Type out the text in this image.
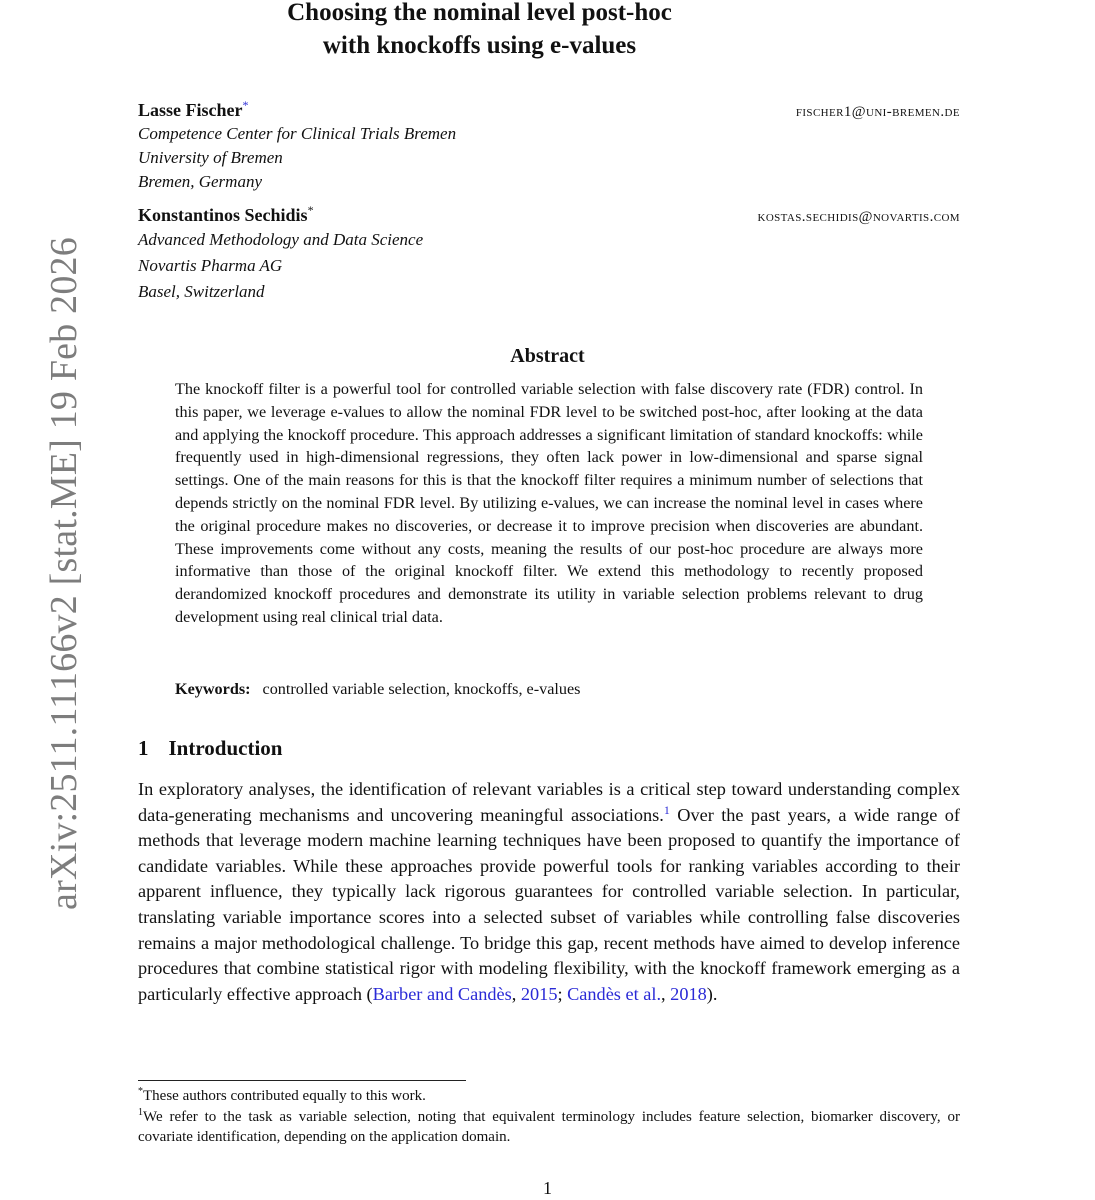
arXiv:2511.11166v2 [stat.ME] 19 Feb 2026
Choosing the nominal level post-hoc
with knockoffs using e-values
Lasse Fischer*	fischer1@uni-bremen.de
Competence Center for Clinical Trials Bremen
University of Bremen
Bremen, Germany
Konstantinos Sechidis*	kostas.sechidis@novartis.com
Advanced Methodology and Data Science
Novartis Pharma AG
Basel, Switzerland
Abstract

The knockoff filter is a powerful tool for controlled variable selection with false discovery rate (FDR) control. In this paper, we leverage e-values to allow the nominal FDR level to be switched post-hoc, after looking at the data and applying the knockoff procedure. This approach addresses a significant limitation of standard knockoffs: while frequently used in high-dimensional regressions, they often lack power in low-dimensional and sparse signal settings. One of the main reasons for this is that the knockoff filter requires a minimum number of selections that depends strictly on the nominal FDR level. By utilizing e-values, we can increase the nominal level in cases where the original procedure makes no discoveries, or decrease it to improve precision when discoveries are abundant. These improvements come without any costs, meaning the results of our post-hoc procedure are always more informative than those of the original knockoff filter. We extend this methodology to recently proposed derandomized knockoff procedures and demonstrate its utility in variable selection problems relevant to drug development using real clinical trial data.

Keywords: controlled variable selection, knockoffs, e-values

1 Introduction

In exploratory analyses, the identification of relevant variables is a critical step toward understanding complex data-generating mechanisms and uncovering meaningful associations.$^1$ Over the past years, a wide range of methods that leverage modern machine learning techniques have been proposed to quantify the importance of candidate variables. While these approaches provide powerful tools for ranking variables according to their apparent influence, they typically lack rigorous guarantees for controlled variable selection. In particular, translating variable importance scores into a selected subset of variables while controlling false discoveries remains a major methodological challenge. To bridge this gap, recent methods have aimed to develop inference procedures that combine statistical rigor with modeling flexibility, with the knockoff framework emerging as a particularly effective approach (Barber and Candès, 2015; Candès et al., 2018).

*These authors contributed equally to this work.

$^1$We refer to the task as variable selection, noting that equivalent terminology includes feature selection, biomarker discovery, or covariate identification, depending on the application domain.

1
